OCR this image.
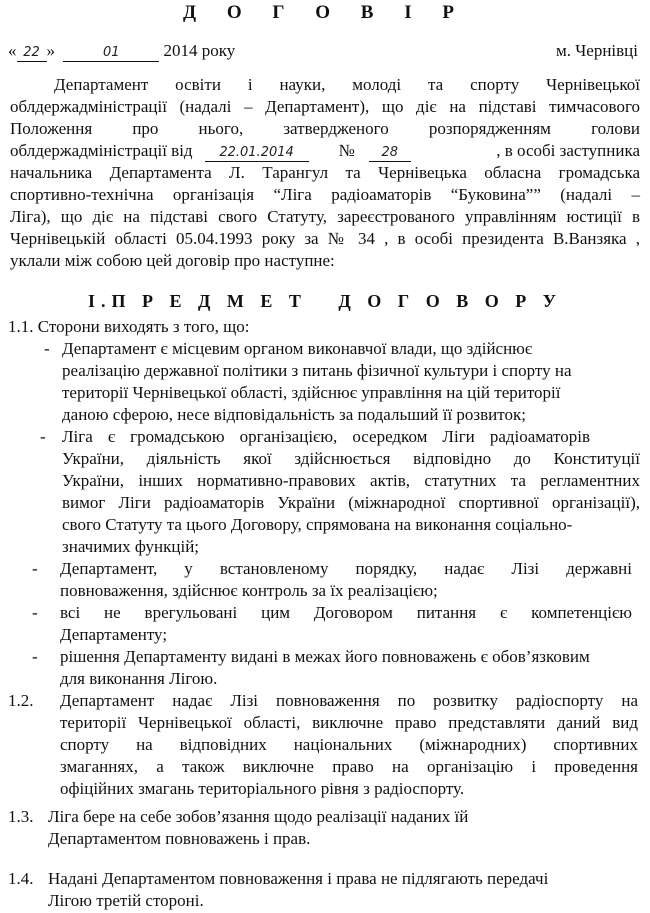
Д О Г О В І Р
« 22 »	01	2014 року	м. Чернівці
Департамент освіти і науки, молоді та спорту Чернівецької
облдержадміністрації (надалі – Департамент), що діє на підставі тимчасового
Положення про нього, затвердженого розпорядженням голови
облдержадміністрації від	22.01.2014	№	28	, в особі заступника
начальника Департамента Л. Тарангул та Чернівецька обласна громадська
спортивно-технічна організація “Ліга радіоаматорів “Буковина”” (надалі –
Ліга), що діє на підставі свого Статуту, зареєстрованого управлінням юстиції в
Чернівецькій області 05.04.1993 року за № 34 , в особі президента В.Ванзяка ,
уклали між собою цей договір про наступне:
І.П Р Е Д М Е Т   Д О Г О В О Р У
1.1. Сторони виходять з того, що:
- Департамент є місцевим органом виконавчої влади, що здійснює
реалізацію державної політики з питань фізичної культури і спорту на
території Чернівецької області, здійснює управління на цій території
даною сферою, несе відповідальність за подальший її розвиток;
- Ліга є громадською організацією, осередком Ліги радіоаматорів
України, діяльність якої здійснюється відповідно до Конституції
України, інших нормативно-правових актів, статутних та регламентних
вимог Ліги радіоаматорів України (міжнародної спортивної організації),
свого Статуту та цього Договору, спрямована на виконання соціально-
значимих функцій;
- Департамент, у встановленому порядку, надає Лізі державні
повноваження, здійснює контроль за їх реалізацією;
- всі не врегульовані цим Договором питання є компетенцією
Департаменту;
- рішення Департаменту видані в межах його повноважень є обов’язковим
для виконання Лігою.
1.2. Департамент надає Лізі повноваження по розвитку радіоспорту на
території Чернівецької області, виключне право представляти даний вид
спорту на відповідних національних (міжнародних) спортивних
змаганнях, а також виключне право на організацію і проведення
офіційних змагань територіального рівня з радіоспорту.
1.3. Ліга бере на себе зобов’язання щодо реалізації наданих їй
Департаментом повноважень і прав.
1.4. Надані Департаментом повноваження і права не підлягають передачі
Лігою третій стороні.
